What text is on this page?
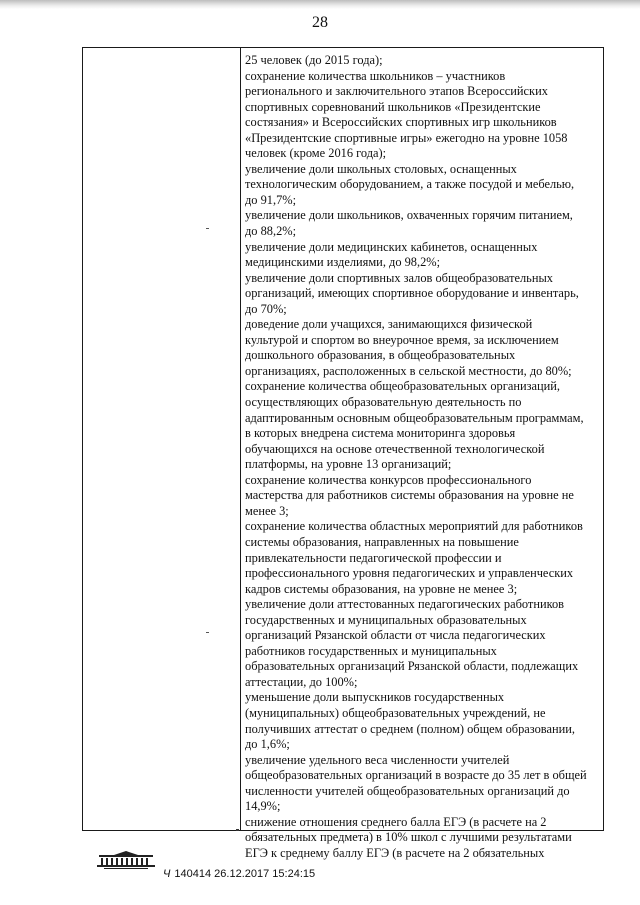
28
25 человек (до 2015 года);
сохранение количества школьников – участников
регионального и заключительного этапов Всероссийских
спортивных соревнований школьников «Президентские
состязания» и Всероссийских спортивных игр школьников
«Президентские спортивные игры» ежегодно на уровне 1058
человек (кроме 2016 года);
увеличение доли школьных столовых, оснащенных
технологическим оборудованием, а также посудой и мебелью,
до 91,7%;
увеличение доли школьников, охваченных горячим питанием,
до 88,2%;
увеличение доли медицинских кабинетов, оснащенных
медицинскими изделиями, до 98,2%;
увеличение доли спортивных залов общеобразовательных
организаций, имеющих спортивное оборудование и инвентарь,
до 70%;
доведение доли учащихся, занимающихся физической
культурой и спортом во внеурочное время, за исключением
дошкольного образования, в общеобразовательных
организациях, расположенных в сельской местности, до 80%;
сохранение количества общеобразовательных организаций,
осуществляющих образовательную деятельность по
адаптированным основным общеобразовательным программам,
в которых внедрена система мониторинга здоровья
обучающихся на основе отечественной технологической
платформы, на уровне 13 организаций;
сохранение количества конкурсов профессионального
мастерства для работников системы образования на уровне не
менее 3;
сохранение количества областных мероприятий для работников
системы образования, направленных на повышение
привлекательности педагогической профессии и
профессионального уровня педагогических и управленческих
кадров системы образования, на уровне не менее 3;
увеличение доли аттестованных педагогических работников
государственных и муниципальных образовательных
организаций Рязанской области от числа педагогических
работников государственных и муниципальных
образовательных организаций Рязанской области, подлежащих
аттестации, до 100%;
уменьшение доли выпускников государственных
(муниципальных) общеобразовательных учреждений, не
получивших аттестат о среднем (полном) общем образовании,
до 1,6%;
увеличение удельного веса численности учителей
общеобразовательных организаций в возрасте до 35 лет в общей
численности учителей общеобразовательных организаций до
14,9%;
снижение отношения среднего балла ЕГЭ (в расчете на 2
обязательных предмета) в 10% школ с лучшими результатами
ЕГЭ к среднему баллу ЕГЭ (в расчете на 2 обязательных
Ч 140414 26.12.2017 15:24:15
